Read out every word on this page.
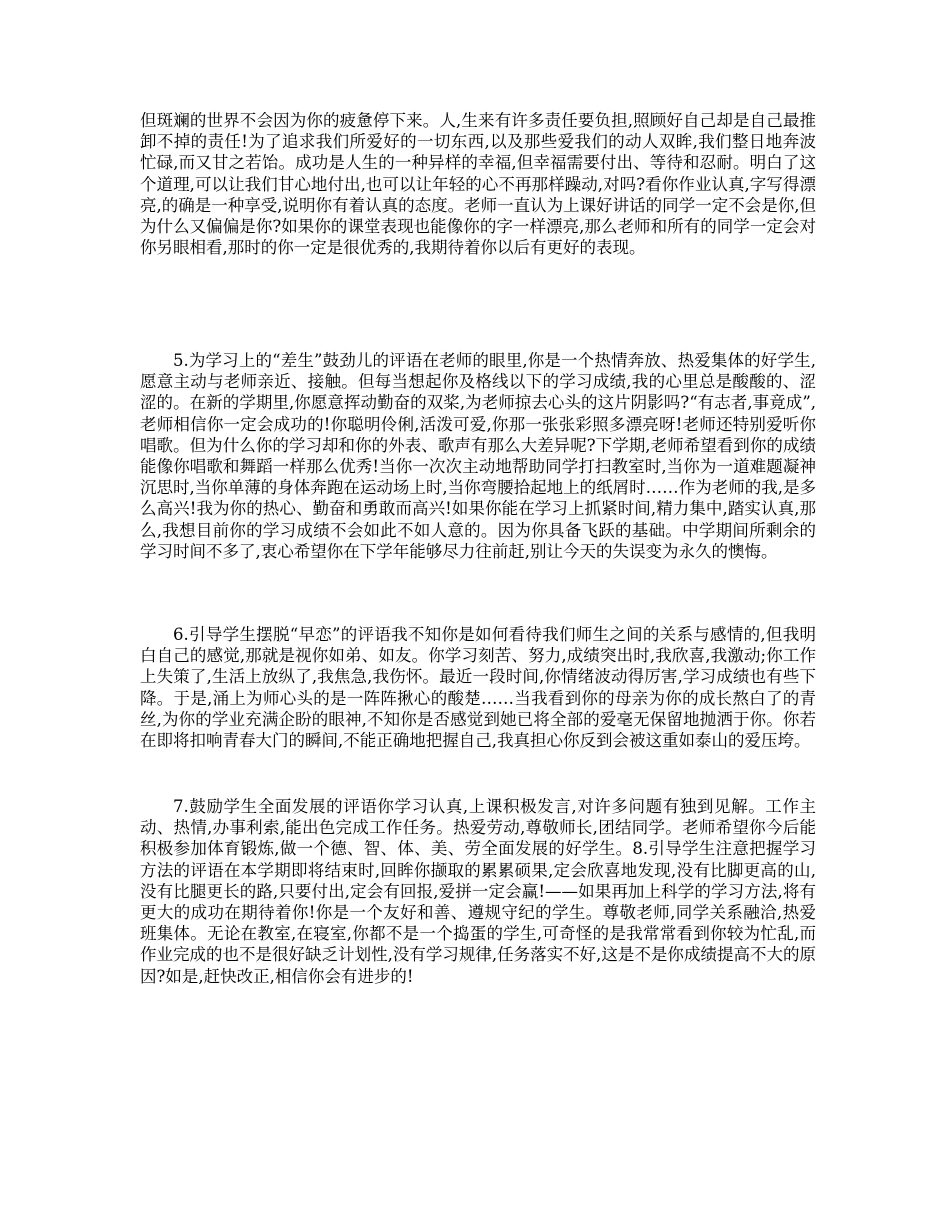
但斑斓的世界不会因为你的疲惫停下来。人,生来有许多责任要负担,照顾好自己却是自己最推卸不掉的责任!为了追求我们所爱好的一切东西,以及那些爱我们的动人双眸,我们整日地奔波忙碌,而又甘之若饴。成功是人生的一种异样的幸福,但幸福需要付出、等待和忍耐。明白了这个道理,可以让我们甘心地付出,也可以让年轻的心不再那样躁动,对吗?看你作业认真,字写得漂亮,的确是一种享受,说明你有着认真的态度。老师一直认为上课好讲话的同学一定不会是你,但为什么又偏偏是你?如果你的课堂表现也能像你的字一样漂亮,那么老师和所有的同学一定会对你另眼相看,那时的你一定是很优秀的,我期待着你以后有更好的表现。

5.为学习上的“差生”鼓劲儿的评语在老师的眼里,你是一个热情奔放、热爱集体的好学生,愿意主动与老师亲近、接触。但每当想起你及格线以下的学习成绩,我的心里总是酸酸的、涩涩的。在新的学期里,你愿意挥动勤奋的双桨,为老师掠去心头的这片阴影吗?“有志者,事竟成”,老师相信你一定会成功的!你聪明伶俐,活泼可爱,你那一张张彩照多漂亮呀!老师还特别爱听你唱歌。但为什么你的学习却和你的外表、歌声有那么大差异呢?下学期,老师希望看到你的成绩能像你唱歌和舞蹈一样那么优秀!当你一次次主动地帮助同学打扫教室时,当你为一道难题凝神沉思时,当你单薄的身体奔跑在运动场上时,当你弯腰拾起地上的纸屑时……作为老师的我,是多么高兴!我为你的热心、勤奋和勇敢而高兴!如果你能在学习上抓紧时间,精力集中,踏实认真,那么,我想目前你的学习成绩不会如此不如人意的。因为你具备飞跃的基础。中学期间所剩余的学习时间不多了,衷心希望你在下学年能够尽力往前赶,别让今天的失误变为永久的懊悔。

6.引导学生摆脱“早恋”的评语我不知你是如何看待我们师生之间的关系与感情的,但我明白自己的感觉,那就是视你如弟、如友。你学习刻苦、努力,成绩突出时,我欣喜,我激动;你工作上失策了,生活上放纵了,我焦急,我伤怀。最近一段时间,你情绪波动得厉害,学习成绩也有些下降。于是,涌上为师心头的是一阵阵揪心的酸楚……当我看到你的母亲为你的成长熬白了的青丝,为你的学业充满企盼的眼神,不知你是否感觉到她已将全部的爱毫无保留地抛洒于你。你若在即将扣响青春大门的瞬间,不能正确地把握自己,我真担心你反到会被这重如泰山的爱压垮。

7.鼓励学生全面发展的评语你学习认真,上课积极发言,对许多问题有独到见解。工作主动、热情,办事利索,能出色完成工作任务。热爱劳动,尊敬师长,团结同学。老师希望你今后能积极参加体育锻炼,做一个德、智、体、美、劳全面发展的好学生。8.引导学生注意把握学习方法的评语在本学期即将结束时,回眸你撷取的累累硕果,定会欣喜地发现,没有比脚更高的山,没有比腿更长的路,只要付出,定会有回报,爱拼一定会赢!——如果再加上科学的学习方法,将有更大的成功在期待着你!你是一个友好和善、遵规守纪的学生。尊敬老师,同学关系融洽,热爱班集体。无论在教室,在寝室,你都不是一个捣蛋的学生,可奇怪的是我常常看到你较为忙乱,而作业完成的也不是很好缺乏计划性,没有学习规律,任务落实不好,这是不是你成绩提高不大的原因?如是,赶快改正,相信你会有进步的!
